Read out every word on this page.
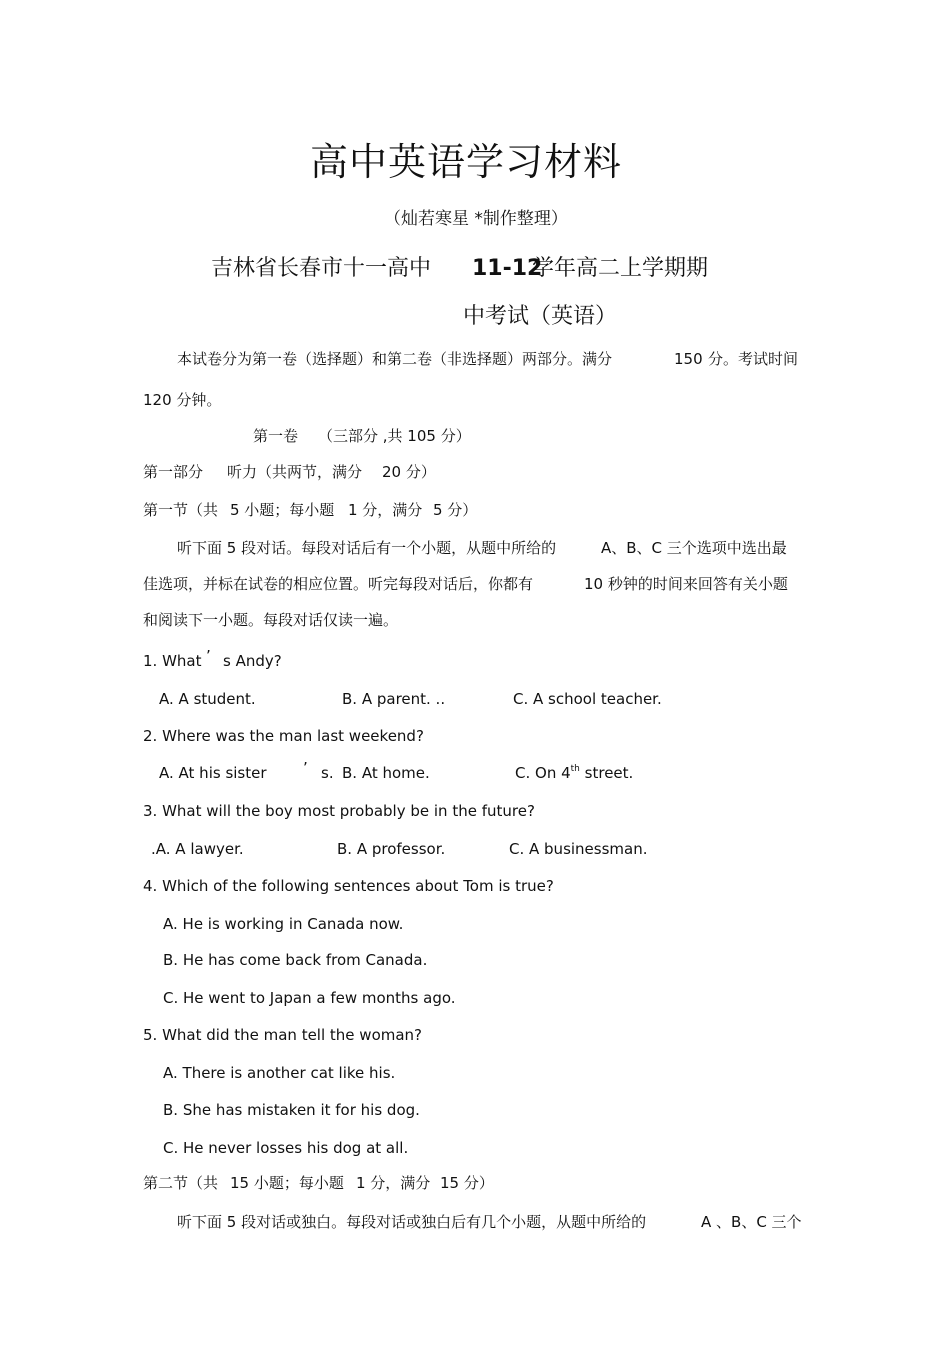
高中英语学习材料
（灿若寒星 *制作整理）
吉林省长春市十一高中 11-12
学年高二上学期期
中考试（英语）
本试卷分为第一卷（选择题）和第二卷（非选择题）两部分。满分	150 分。考试时间
120 分钟。
第一卷 （三部分 ,共 105 分）
第一部分 听力（共两节，满分 20 分）
第一节（共 5 小题；每小题 1 分，满分 5 分）
听下面 5 段对话。每段对话后有一个小题，从题中所给的	A、B、C 三个选项中选出最
佳选项，并标在试卷的相应位置。听完每段对话后，你都有	10 秒钟的时间来回答有关小题
和阅读下一小题。每段对话仅读一遍。
1. What ’ s Andy?
A. A student.	B. A parent. ..	C. A school teacher.
2. Where was the man last weekend?
A. At his sister ’ s. B. At home.	C. On 4th street.
3. What will the boy most probably be in the future?
.A. A lawyer.	B. A professor.	C. A businessman.
4. Which of the following sentences about Tom is true?
A. He is working in Canada now.
B. He has come back from Canada.
C. He went to Japan a few months ago.
5. What did the man tell the woman?
A. There is another cat like his.
B. She has mistaken it for his dog.
C. He never losses his dog at all.
第二节（共 15 小题；每小题 1 分，满分 15 分）
听下面 5 段对话或独白。每段对话或独白后有几个小题，从题中所给的	A 、B、C 三个
